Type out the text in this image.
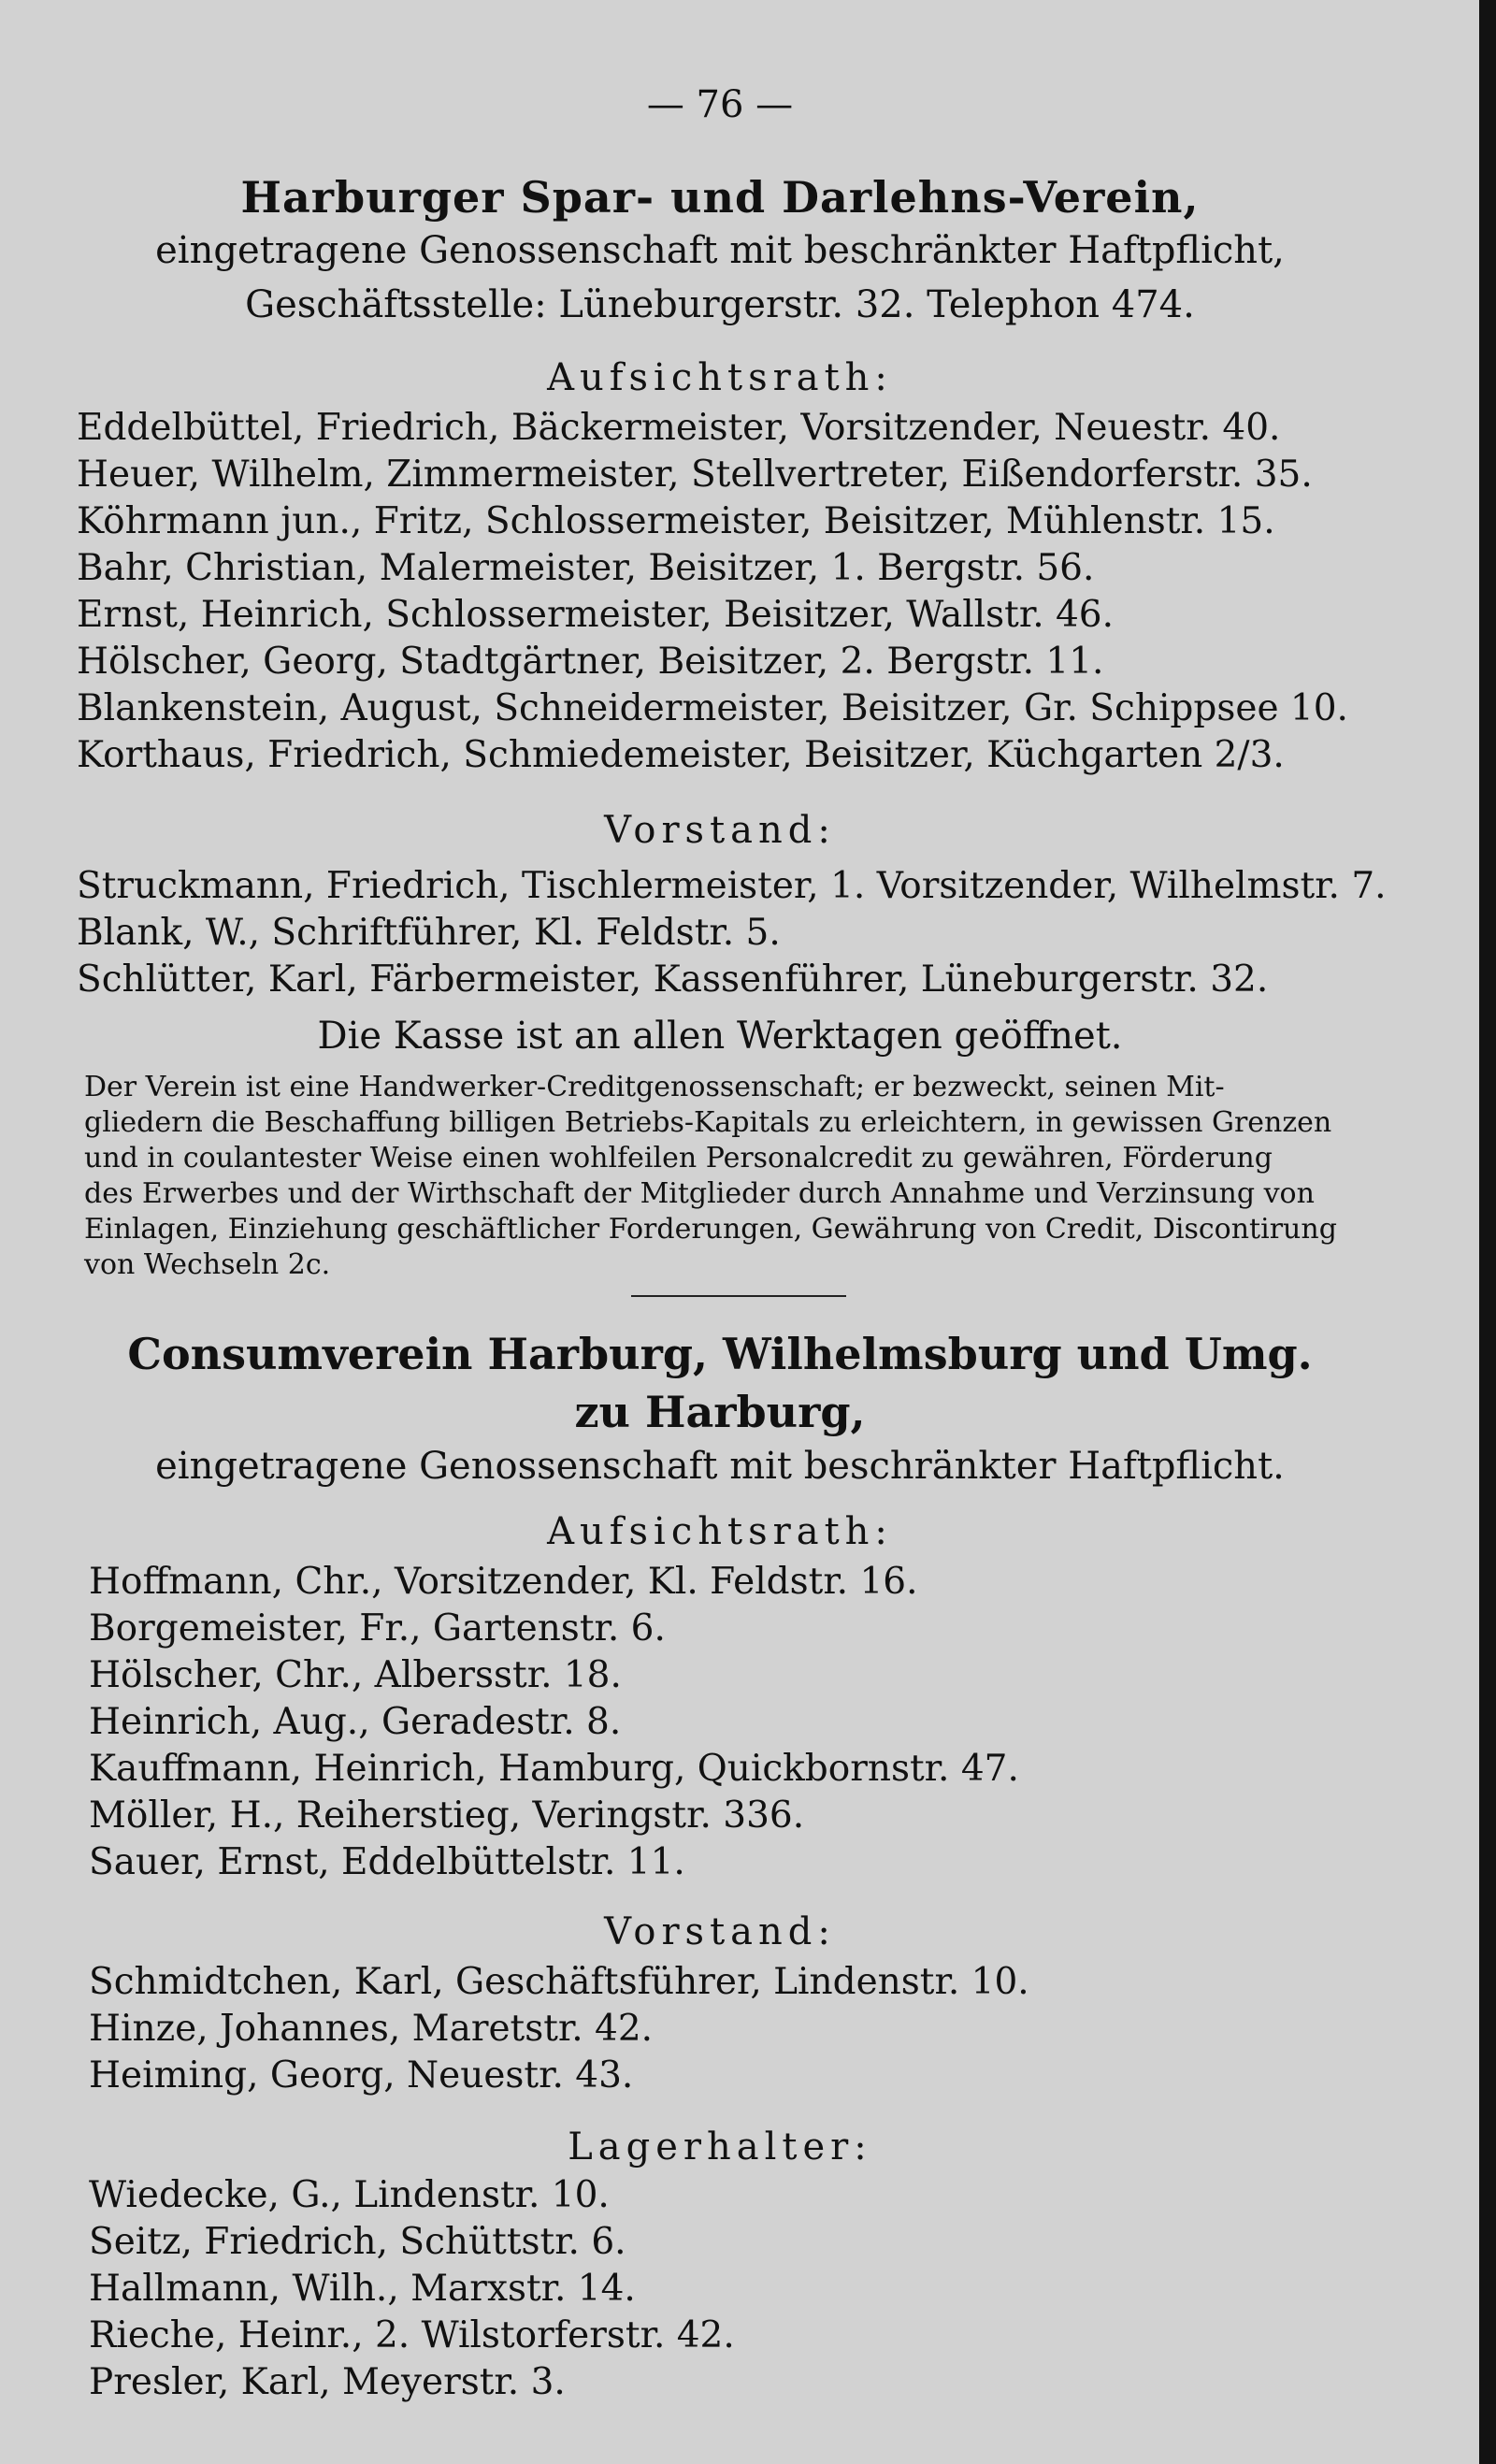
— 76 —
Harburger Spar- und Darlehns-Verein,
eingetragene Genossenschaft mit beschränkter Haftpflicht,
Geschäftsstelle: Lüneburgerstr. 32. Telephon 474.
Aufsichtsrath:
Eddelbüttel, Friedrich, Bäckermeister, Vorsitzender, Neuestr. 40.
Heuer, Wilhelm, Zimmermeister, Stellvertreter, Eißendorferstr. 35.
Köhrmann jun., Fritz, Schlossermeister, Beisitzer, Mühlenstr. 15.
Bahr, Christian, Malermeister, Beisitzer, 1. Bergstr. 56.
Ernst, Heinrich, Schlossermeister, Beisitzer, Wallstr. 46.
Hölscher, Georg, Stadtgärtner, Beisitzer, 2. Bergstr. 11.
Blankenstein, August, Schneidermeister, Beisitzer, Gr. Schippsee 10.
Korthaus, Friedrich, Schmiedemeister, Beisitzer, Küchgarten 2/3.
Vorstand:
Struckmann, Friedrich, Tischlermeister, 1. Vorsitzender, Wilhelmstr. 7.
Blank, W., Schriftführer, Kl. Feldstr. 5.
Schlütter, Karl, Färbermeister, Kassenführer, Lüneburgerstr. 32.
Die Kasse ist an allen Werktagen geöffnet.
Der Verein ist eine Handwerker-Creditgenossenschaft; er bezweckt, seinen Mit-
gliedern die Beschaffung billigen Betriebs-Kapitals zu erleichtern, in gewissen Grenzen
und in coulantester Weise einen wohlfeilen Personalcredit zu gewähren, Förderung
des Erwerbes und der Wirthschaft der Mitglieder durch Annahme und Verzinsung von
Einlagen, Einziehung geschäftlicher Forderungen, Gewährung von Credit, Discontirung
von Wechseln 2c.
Consumverein Harburg, Wilhelmsburg und Umg.
zu Harburg,
eingetragene Genossenschaft mit beschränkter Haftpflicht.
Aufsichtsrath:
Hoffmann, Chr., Vorsitzender, Kl. Feldstr. 16.
Borgemeister, Fr., Gartenstr. 6.
Hölscher, Chr., Albersstr. 18.
Heinrich, Aug., Geradestr. 8.
Kauffmann, Heinrich, Hamburg, Quickbornstr. 47.
Möller, H., Reiherstieg, Veringstr. 336.
Sauer, Ernst, Eddelbüttelstr. 11.
Vorstand:
Schmidtchen, Karl, Geschäftsführer, Lindenstr. 10.
Hinze, Johannes, Maretstr. 42.
Heiming, Georg, Neuestr. 43.
Lagerhalter:
Wiedecke, G., Lindenstr. 10.
Seitz, Friedrich, Schüttstr. 6.
Hallmann, Wilh., Marxstr. 14.
Rieche, Heinr., 2. Wilstorferstr. 42.
Presler, Karl, Meyerstr. 3.
